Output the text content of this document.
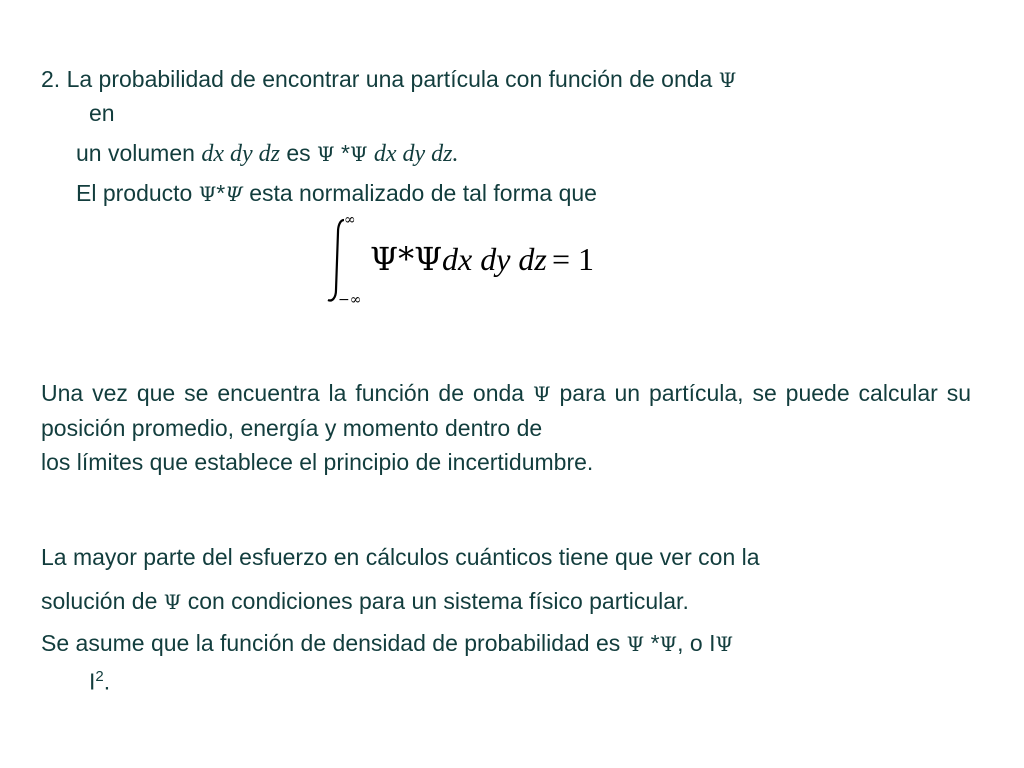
2. La probabilidad de encontrar una partícula con función de onda Ψ
en
un volumen dx dy dz es Ψ *Ψ dx dy dz.
El producto Ψ*Ψ esta normalizado de tal forma que
∞
−∞
Ψ*Ψ dx dy dz = 1
Una vez que se encuentra la función de onda Ψ para un partícula, se puede calcular su posición promedio, energía y momento dentro de
los límites que establece el principio de incertidumbre.
La mayor parte del esfuerzo en cálculos cuánticos tiene que ver con la
solución de Ψ con condiciones para un sistema físico particular.
Se asume que la función de densidad de probabilidad es Ψ *Ψ, o IΨ
$I^2$.
